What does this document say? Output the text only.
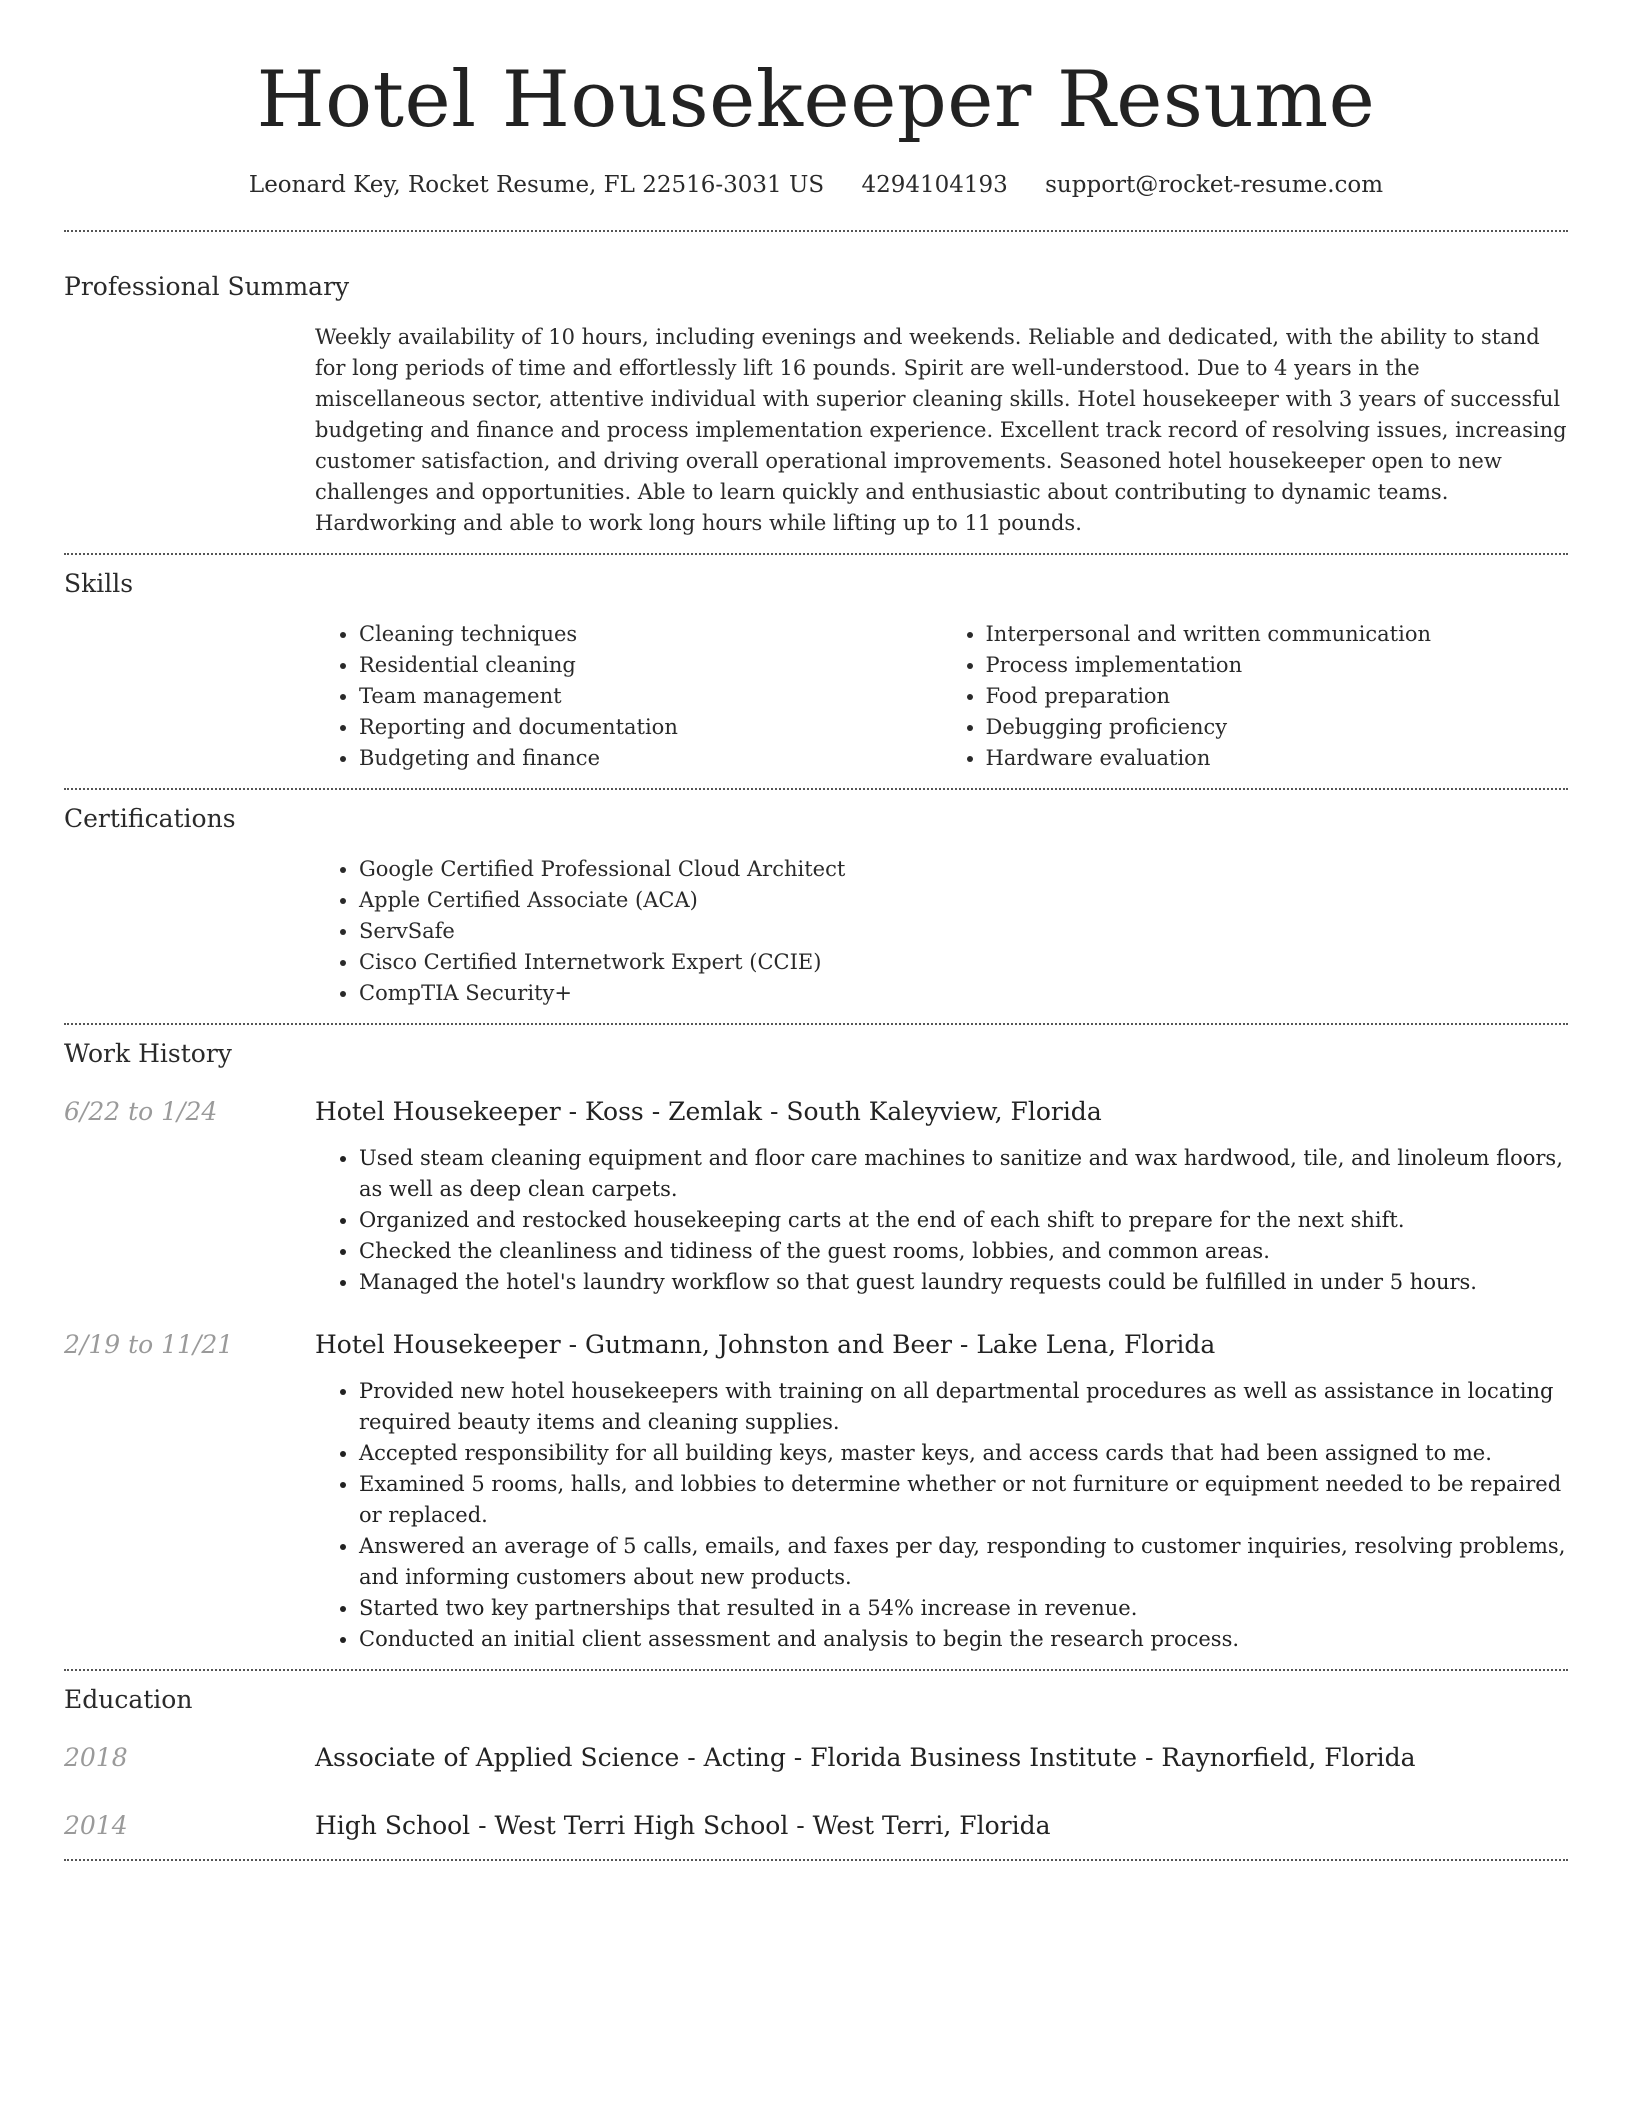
Hotel Housekeeper Resume
Leonard Key, Rocket Resume, FL 22516-3031 US 4294104193 support@rocket-resume.com
Professional Summary
Weekly availability of 10 hours, including evenings and weekends. Reliable and dedicated, with the ability to stand for long periods of time and effortlessly lift 16 pounds. Spirit are well-understood. Due to 4 years in the miscellaneous sector, attentive individual with superior cleaning skills. Hotel housekeeper with 3 years of successful budgeting and finance and process implementation experience. Excellent track record of resolving issues, increasing customer satisfaction, and driving overall operational improvements. Seasoned hotel housekeeper open to new challenges and opportunities. Able to learn quickly and enthusiastic about contributing to dynamic teams. Hardworking and able to work long hours while lifting up to 11 pounds.
Skills
• Cleaning techniques
• Residential cleaning
• Team management
• Reporting and documentation
• Budgeting and finance
• Interpersonal and written communication
• Process implementation
• Food preparation
• Debugging proficiency
• Hardware evaluation
Certifications
• Google Certified Professional Cloud Architect
• Apple Certified Associate (ACA)
• ServSafe
• Cisco Certified Internetwork Expert (CCIE)
• CompTIA Security+
Work History
6/22 to 1/24	Hotel Housekeeper - Koss - Zemlak - South Kaleyview, Florida
• Used steam cleaning equipment and floor care machines to sanitize and wax hardwood, tile, and linoleum floors, as well as deep clean carpets.
• Organized and restocked housekeeping carts at the end of each shift to prepare for the next shift.
• Checked the cleanliness and tidiness of the guest rooms, lobbies, and common areas.
• Managed the hotel's laundry workflow so that guest laundry requests could be fulfilled in under 5 hours.
2/19 to 11/21	Hotel Housekeeper - Gutmann, Johnston and Beer - Lake Lena, Florida
• Provided new hotel housekeepers with training on all departmental procedures as well as assistance in locating required beauty items and cleaning supplies.
• Accepted responsibility for all building keys, master keys, and access cards that had been assigned to me.
• Examined 5 rooms, halls, and lobbies to determine whether or not furniture or equipment needed to be repaired or replaced.
• Answered an average of 5 calls, emails, and faxes per day, responding to customer inquiries, resolving problems, and informing customers about new products.
• Started two key partnerships that resulted in a 54% increase in revenue.
• Conducted an initial client assessment and analysis to begin the research process.
Education
2018	Associate of Applied Science - Acting - Florida Business Institute - Raynorfield, Florida
2014	High School - West Terri High School - West Terri, Florida
